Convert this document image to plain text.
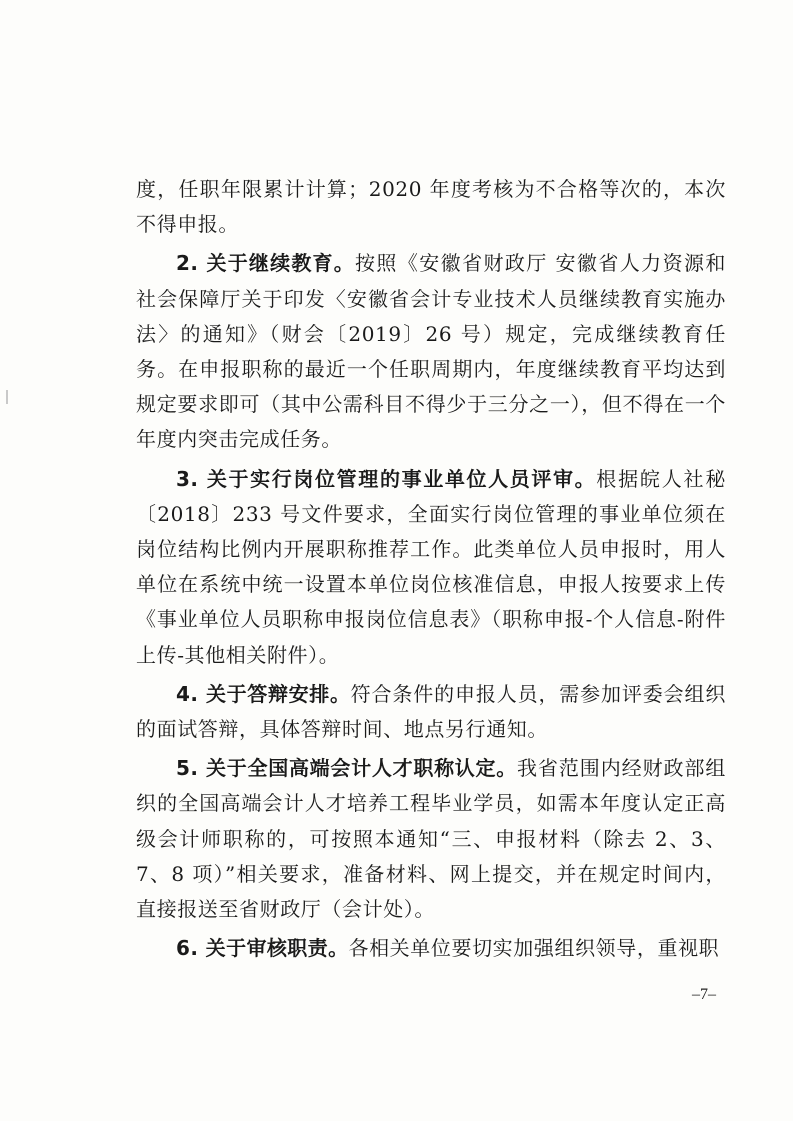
度，任职年限累计计算；2020 年度考核为不合格等次的，本次不得申报。

2. 关于继续教育。按照《安徽省财政厅 安徽省人力资源和社会保障厅关于印发〈安徽省会计专业技术人员继续教育实施办法〉的通知》（财会〔2019〕26 号）规定，完成继续教育任务。在申报职称的最近一个任职周期内，年度继续教育平均达到规定要求即可（其中公需科目不得少于三分之一），但不得在一个年度内突击完成任务。

3. 关于实行岗位管理的事业单位人员评审。根据皖人社秘〔2018〕233 号文件要求，全面实行岗位管理的事业单位须在岗位结构比例内开展职称推荐工作。此类单位人员申报时，用人单位在系统中统一设置本单位岗位核准信息，申报人按要求上传《事业单位人员职称申报岗位信息表》（职称申报-个人信息-附件上传-其他相关附件）。

4. 关于答辩安排。符合条件的申报人员，需参加评委会组织的面试答辩，具体答辩时间、地点另行通知。

5. 关于全国高端会计人才职称认定。我省范围内经财政部组织的全国高端会计人才培养工程毕业学员，如需本年度认定正高级会计师职称的，可按照本通知“三、申报材料（除去 2、3、7、8 项）”相关要求，准备材料、网上提交，并在规定时间内，直接报送至省财政厅（会计处）。

6. 关于审核职责。各相关单位要切实加强组织领导，重视职

–7–
